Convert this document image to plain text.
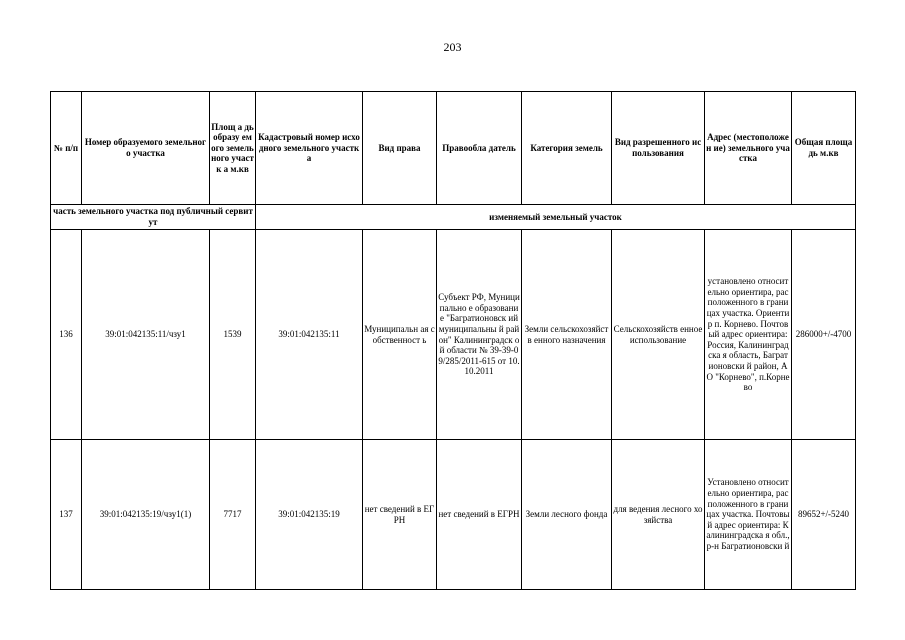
203
№ п/п	Номер образуемого земельного участка	Площ а дь образу емого земель ного участк а м.кв	Кадастровый номер исходного земельного участка	Вид права	Правообла датель	Категория земель	Вид разрешенного использования	Адрес (местоположен ие) земельного участка	Общая площа дь м.кв
часть земельного участка под публичный сервитут			изменяемый земельный участок						
136	39:01:042135:11/чзу1	1539	39:01:042135:11	Муниципальн ая собственност ь	Субъект РФ, Муниципально е образование "Багратионовск ий муниципальны й район" Калининградск ой области № 39-39-09/285/2011-615 от 10.10.2011	Земли сельскохозяйств енного назначения	Сельскохозяйств енное использование	установлено относительно ориентира, расположенного в границах участка. Ориентир п. Корнево. Почтовый адрес ориентира: Россия, Калининградска я область, Багратионовски й район, АО "Корнево", п.Корнево	286000+/-4700
137	39:01:042135:19/чзу1(1)	7717	39:01:042135:19	нет сведений в ЕГРН	нет сведений в ЕГРН	Земли лесного фонда	для ведения лесного хозяйства	Установлено относительно ориентира, расположенного в границах участка. Почтовый адрес ориентира: Калининградска я обл., р-н Багратионовски й	89652+/-5240
